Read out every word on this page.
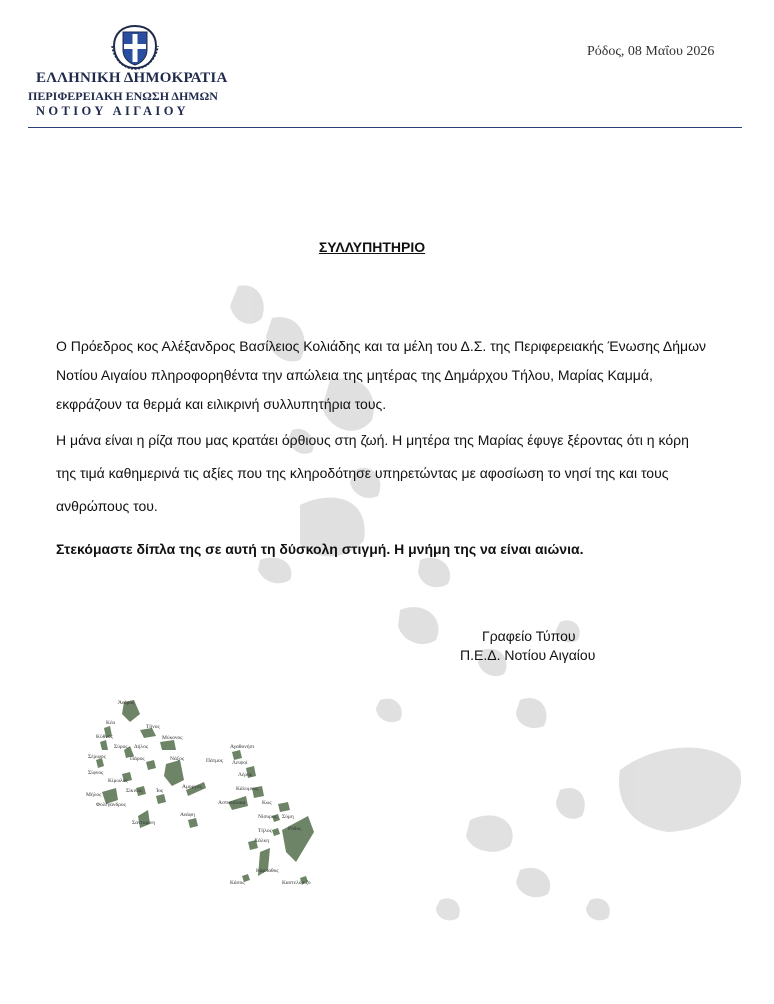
ΕΛΛΗΝΙΚΗ ΔΗΜΟΚΡΑΤΙΑ
ΠΕΡΙΦΕΡΕΙΑΚΗ ΕΝΩΣΗ ΔΗΜΩΝ
ΝΟΤΙΟΥ ΑΙΓΑΙΟΥ
Ρόδος, 08 Μαΐου 2026
ΣΥΛΛΥΠΗΤΗΡΙΟ
Ο Πρόεδρος κος Αλέξανδρος Βασίλειος Κολιάδης και τα μέλη του Δ.Σ. της Περιφερειακής Ένωσης Δήμων
Νοτίου Αιγαίου πληροφορηθέντα την απώλεια της μητέρας της Δημάρχου Τήλου, Μαρίας Καμμά,
εκφράζουν τα θερμά και ειλικρινή συλλυπητήρια τους.
Η μάνα είναι η ρίζα που μας κρατάει όρθιους στη ζωή. Η μητέρα της Μαρίας έφυγε ξέροντας ότι η κόρη
της τιμά καθημερινά τις αξίες που της κληροδότησε υπηρετώντας με αφοσίωση το νησί της και τους
ανθρώπους του.
Στεκόμαστε δίπλα της σε αυτή τη δύσκολη στιγμή. Η μνήμη της να είναι αιώνια.
Γραφείο Τύπου
Π.Ε.Δ. Νοτίου Αιγαίου
Άνδρος
Κέα
Τήνος
Κύθνος	Μύκονος
Σύρος Δήλος
Σέριφος	Πάρος	Νάξος	Πάτμος
Αγαθονήσι
Λειψοί
Λέρος
Σίφνος
Κίμωλος
Σίκινος Ίος
Αμοργός	Κάλυμνος
Μήλος
Φολέγανδρος	Αστυπάλαια	Κως
Νίσυρος Σύμη
Σαντορίνη
Ανάφη
Τήλος	Ρόδος
Χάλκη
Κάρπαθος
Κάσος	Καστελόριζο
